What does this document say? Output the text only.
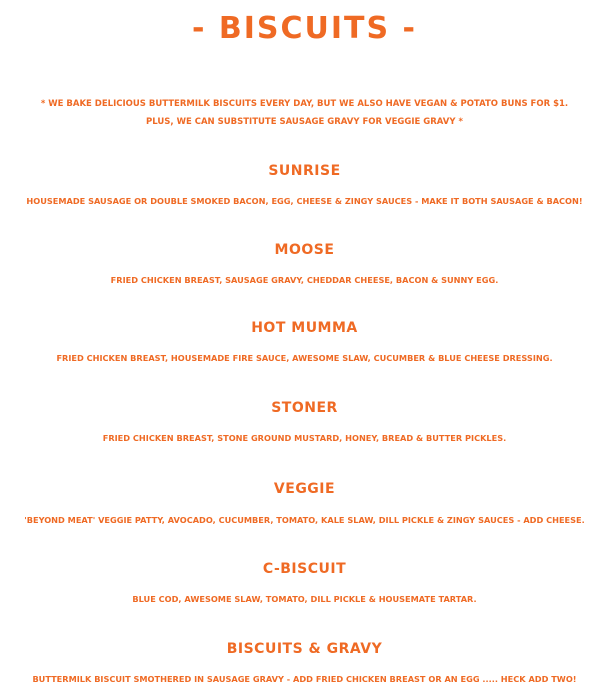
- BISCUITS -
* WE BAKE DELICIOUS BUTTERMILK BISCUITS EVERY DAY, BUT WE ALSO HAVE VEGAN & POTATO BUNS FOR $1.
PLUS, WE CAN SUBSTITUTE SAUSAGE GRAVY FOR VEGGIE GRAVY *
SUNRISE
HOUSEMADE SAUSAGE OR DOUBLE SMOKED BACON, EGG, CHEESE & ZINGY SAUCES - MAKE IT BOTH SAUSAGE & BACON!
MOOSE
FRIED CHICKEN BREAST, SAUSAGE GRAVY, CHEDDAR CHEESE, BACON & SUNNY EGG.
HOT MUMMA
FRIED CHICKEN BREAST, HOUSEMADE FIRE SAUCE, AWESOME SLAW, CUCUMBER & BLUE CHEESE DRESSING.
STONER
FRIED CHICKEN BREAST, STONE GROUND MUSTARD, HONEY, BREAD & BUTTER PICKLES.
VEGGIE
'BEYOND MEAT' VEGGIE PATTY, AVOCADO, CUCUMBER, TOMATO, KALE SLAW, DILL PICKLE & ZINGY SAUCES - ADD CHEESE.
C-BISCUIT
BLUE COD, AWESOME SLAW, TOMATO, DILL PICKLE & HOUSEMATE TARTAR.
BISCUITS & GRAVY
BUTTERMILK BISCUIT SMOTHERED IN SAUSAGE GRAVY - ADD FRIED CHICKEN BREAST OR AN EGG ..... HECK ADD TWO!
